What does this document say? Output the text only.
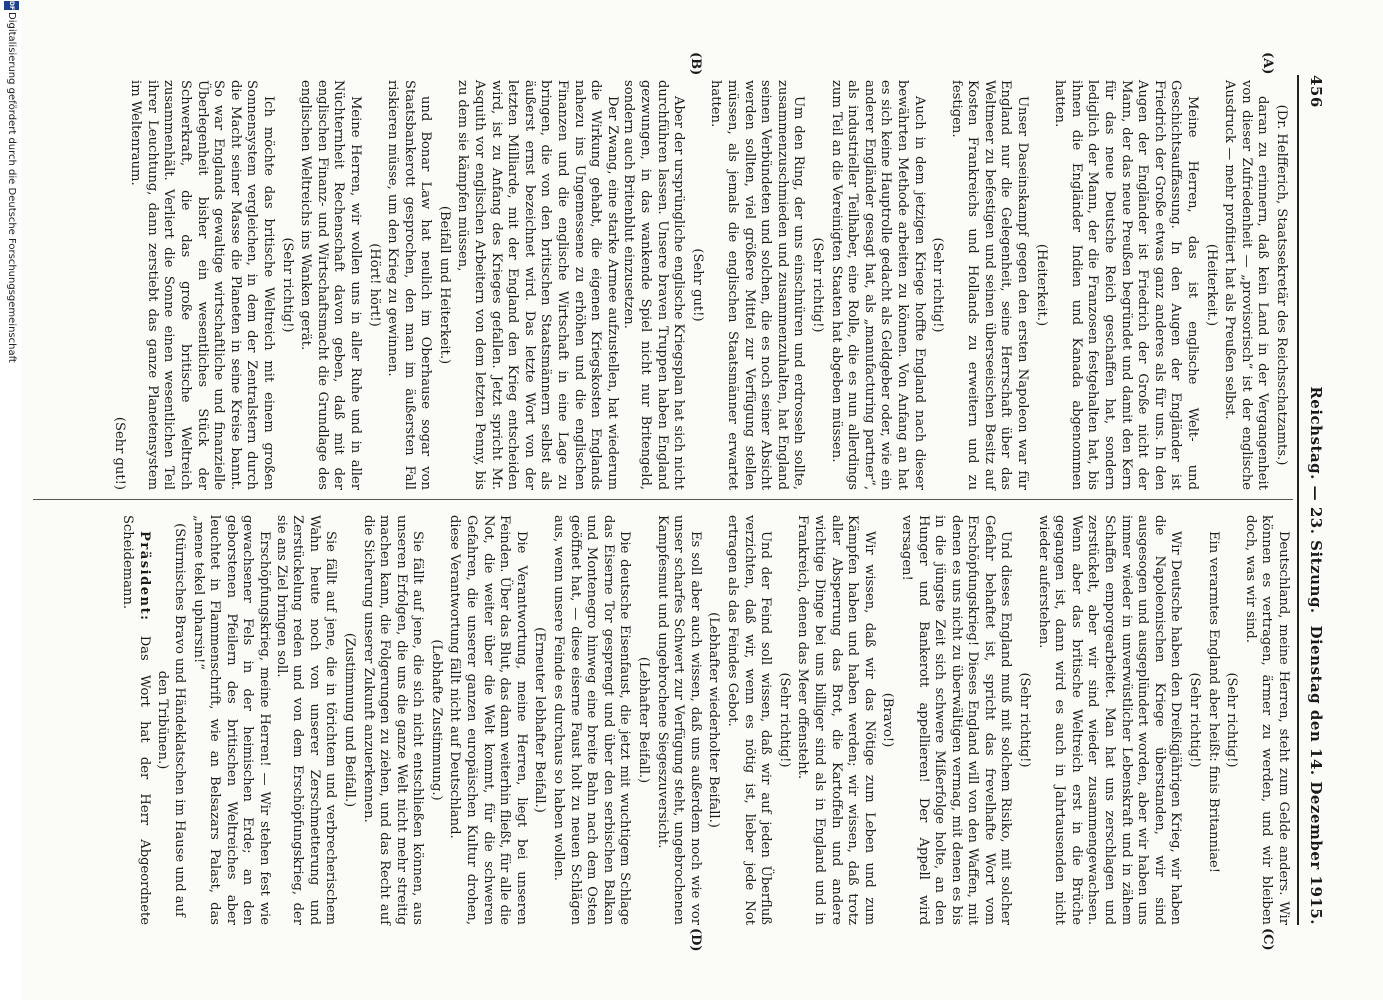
456
Reichstag. — 23. Sitzung.
Dienstag den 14. Dezember 1915.
(A)
(B)
(C)
(D)

(Dr. Helfferich, Staatssekretär des Reichsschatzamts.)

daran zu erinnern, daß kein Land in der Vergangenheit von dieser Zufriedenheit — „provisorisch“ ist der englische Ausdruck — mehr profitiert hat als Preußen selbst.

(Heiterkeit.)

Meine Herren, das ist englische Welt- und Geschichtsauffassung. In den Augen der Engländer ist Friedrich der Große etwas ganz anderes als für uns. In den Augen der Engländer ist Friedrich der Große nicht der Mann, der das neue Preußen begründet und damit den Kern für das neue Deutsche Reich geschaffen hat, sondern lediglich der Mann, der die Franzosen festgehalten hat, bis ihnen die Engländer Indien und Kanada abgenommen hatten.

(Heiterkeit.)

Unser Daseinskampf gegen den ersten Napoleon war für England nur die Gelegenheit, seine Herrschaft über das Weltmeer zu befestigen und seinen überseeischen Besitz auf Kosten Frankreichs und Hollands zu erweitern und zu festigen.

(Sehr richtig!)

Auch in dem jetzigen Kriege hoffte England nach dieser bewährten Methode arbeiten zu können. Von Anfang an hat es sich keine Hauptrolle gedacht als Geldgeber oder, wie ein anderer Engländer gesagt hat, als „manufacturing partner“, als industrieller Teilhaber, eine Rolle, die es nun allerdings zum Teil an die Vereinigten Staaten hat abgeben müssen.

(Sehr richtig!)

Um den Ring, der uns einschnüren und erdrosseln sollte, zusammenzuschmieden und zusammenzuhalten, hat England seinen Verbündeten und solchen, die es noch seiner Absicht werden sollten, viel größere Mittel zur Verfügung stellen müssen, als jemals die englischen Staatsmänner erwartet hatten.

(Sehr gut!)

Aber der ursprüngliche englische Kriegsplan hat sich nicht durchführen lassen. Unsere braven Truppen haben England gezwungen, in das wankende Spiel nicht nur Britengeld, sondern auch Britenblut einzusetzen.

Der Zwang, eine starke Armee aufzustellen, hat wiederum die Wirkung gehabt, die eigenen Kriegskosten Englands nahezu ins Ungemessene zu erhöhen und die englischen Finanzen und die englische Wirtschaft in eine Lage zu bringen, die von den britischen Staatsmännern selbst als äußerst ernst bezeichnet wird. Das letzte Wort von der letzten Milliarde, mit der England den Krieg entscheiden wird, ist zu Anfang des Krieges gefallen. Jetzt spricht Mr. Asquith vor englischen Arbeitern von dem letzten Penny, bis zu dem sie kämpfen müssen,

(Beifall und Heiterkeit.)

und Bonar Law hat neulich im Oberhause sogar von Staatsbankerott gesprochen, den man im äußersten Fall riskieren müsse, um den Krieg zu gewinnen.

(Hört! hört!)

Meine Herren, wir wollen uns in aller Ruhe und in aller Nüchternheit Rechenschaft davon geben, daß mit der englischen Finanz- und Wirtschaftsmacht die Grundlage des englischen Weltreichs ins Wanken gerät.

(Sehr richtig!)

Ich möchte das britische Weltreich mit einem großen Sonnensystem vergleichen, in dem der Zentralstern durch die Macht seiner Masse die Planeten in seine Kreise bannt. So war Englands gewaltige wirtschaftliche und finanzielle Überlegenheit bisher ein wesentliches Stück der Schwerkraft, die das große britische Weltreich zusammenhält. Verliert die Sonne einen wesentlichen Teil ihrer Leuchtung, dann zerstiebt das ganze Planetensystem im Weltenraum.

(Sehr gut!)

Deutschland, meine Herren, steht zum Gelde anders. Wir können es vertragen, ärmer zu werden, und wir bleiben doch, was wir sind.

(Sehr richtig!)

Ein verarmtes England aber heißt: finis Britanniae!

(Sehr richtig!)

Wir Deutsche haben den Dreißigjährigen Krieg, wir haben die Napoleonischen Kriege überstanden, wir sind ausgesogen und ausgeplündert worden, aber wir haben uns immer wieder in unverwüstlicher Lebenskraft und in zähem Schaffen emporgearbeitet. Man hat uns zerschlagen und zerstückelt, aber wir sind wieder zusammengewachsen. Wenn aber das britische Weltreich erst in die Brüche gegangen ist, dann wird es auch in Jahrtausenden nicht wieder auferstehen.

(Sehr richtig!)

Und dieses England muß mit solchem Risiko, mit solcher Gefahr behaftet ist, spricht das frevelhafte Wort vom Erschöpfungskrieg! Dieses England will von den Waffen, mit denen es uns nicht zu überwältigen vermag, mit denen es bis in die jüngste Zeit sich schwere Mißerfolge holte, an den Hunger und Bankerott appellieren! Der Appell wird versagen!

(Bravo!)

Wir wissen, daß wir das Nötige zum Leben und zum Kämpfen haben und haben werden; wir wissen, daß trotz aller Absperrung das Brot, die Kartoffeln und andere wichtige Dinge bei uns billiger sind als in England und in Frankreich, denen das Meer offensteht.

(Sehr richtig!)

Und der Feind soll wissen, daß wir auf jeden Überfluß verzichten, daß wir, wenn es nötig ist, lieber jede Not ertragen als das Feindes Gebot.

(Lebhafter wiederholter Beifall.)

Es soll aber auch wissen, daß uns außerdem noch wie vor unser scharfes Schwert zur Verfügung steht, ungebrochenen Kampfesmut und ungebrochene Siegeszuversicht.

(Lebhafter Beifall.)

Die deutsche Eisenfaust, die jetzt mit wuchtigem Schlage das Eiserne Tor gesprengt und über den serbischen Balkan und Montenegro hinweg eine breite Bahn nach dem Osten geöffnet hat, — diese eiserne Faust holt zu neuen Schlägen aus, wenn unsere Feinde es durchaus so haben wollen.

(Erneuter lebhafter Beifall.)

Die Verantwortung, meine Herren, liegt bei unseren Feinden. Über das Blut, das dann weiterhin fließt, für alle die Not, die weiter über die Welt kommt, für die schweren Gefahren, die unserer ganzen europäischen Kultur drohen, diese Verantwortung fällt nicht auf Deutschland.

(Lebhafte Zustimmung.)

Sie fällt auf jene, die sich nicht entschließen können, aus unseren Erfolgen, die uns die ganze Welt nicht mehr streitig machen kann, die Folgerungen zu ziehen, und das Recht auf die Sicherung unserer Zukunft anzuerkennen.

(Zustimmung und Beifall.)

Sie fällt auf jene, die in törichtem und verbrecherischem Wahn heute noch von unserer Zerschmetterung und Zerstückelung reden und von dem Erschöpfungskrieg, der sie ans Ziel bringen soll.

Erschöpfungskrieg, meine Herren! — Wir stehen fest wie gewachsener Fels in der heimischen Erde; an den geborstenen Pfeilern des britischen Weltreiches aber leuchtet in Flammenschrift, wie an Belsazars Palast, das „mene tekel upharsin!“

(Stürmisches Bravo und Händeklatschen im Hause und auf den Tribünen.)

Präsident: Das Wort hat der Herr Abgeordnete Scheidemann.

DFG
Digitalisierung gefördert durch die Deutsche Forschungsgemeinschaft
